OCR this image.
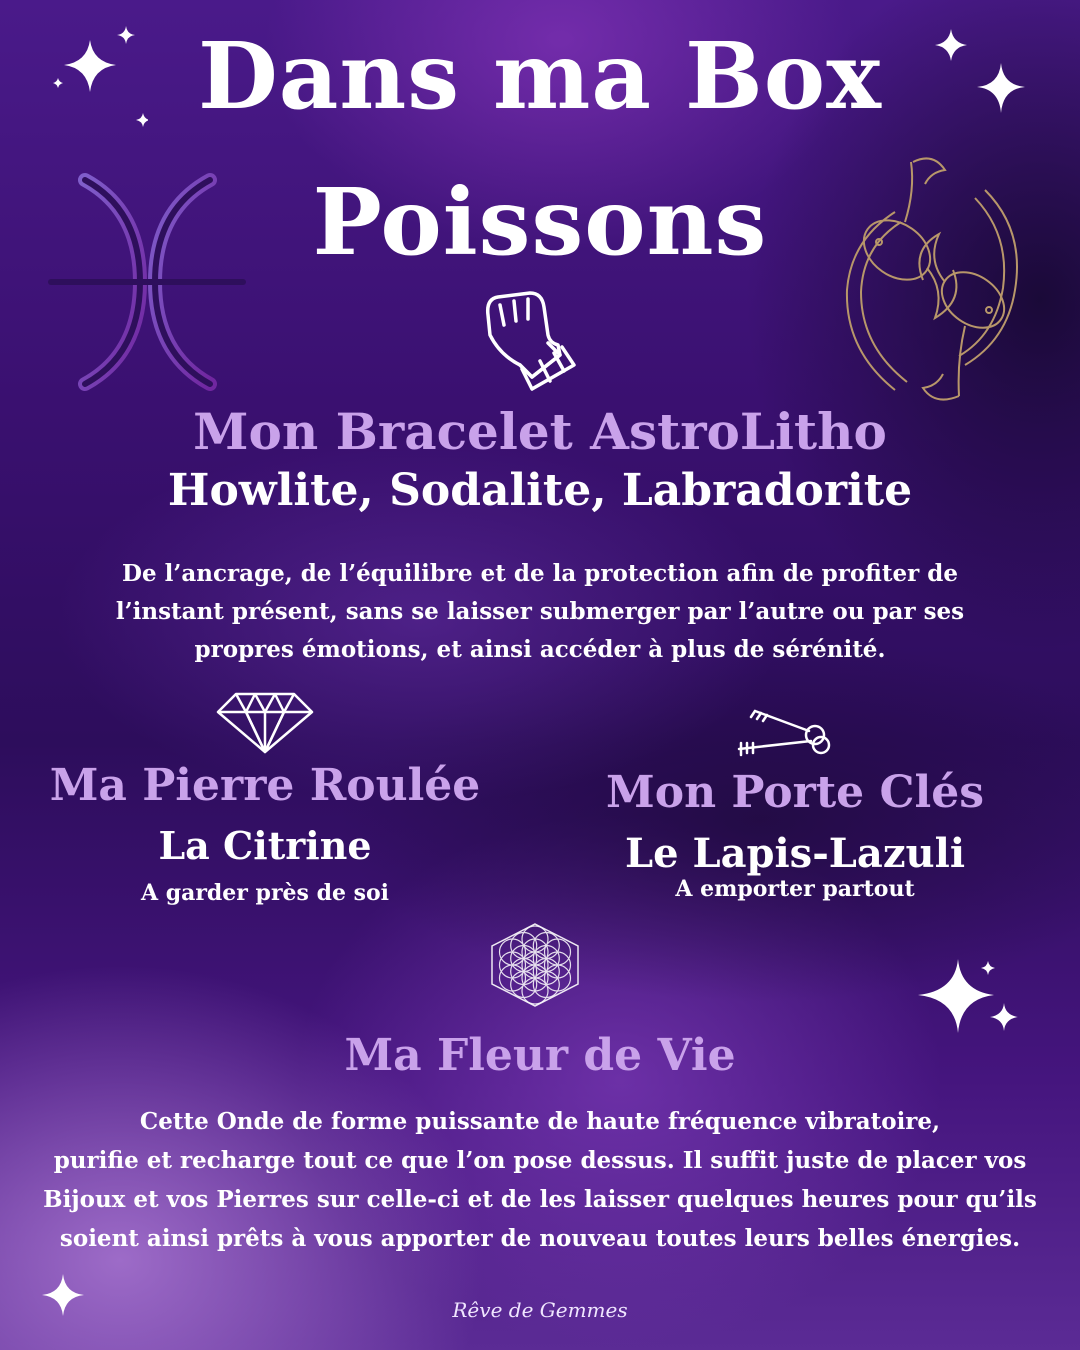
Dans ma Box
Poissons
Mon Bracelet AstroLitho
Howlite, Sodalite, Labradorite
De l’ancrage, de l’équilibre et de la protection afin de profiter de
l’instant présent, sans se laisser submerger par l’autre ou par ses
propres émotions, et ainsi accéder à plus de sérénité.
Ma Pierre Roulée
La Citrine
A garder près de soi
Mon Porte Clés
Le Lapis-Lazuli
A emporter partout
Ma Fleur de Vie
Cette Onde de forme puissante de haute fréquence vibratoire,
purifie et recharge tout ce que l’on pose dessus. Il suffit juste de placer vos
Bijoux et vos Pierres sur celle-ci et de les laisser quelques heures pour qu’ils
soient ainsi prêts à vous apporter de nouveau toutes leurs belles énergies.
Rêve de Gemmes
